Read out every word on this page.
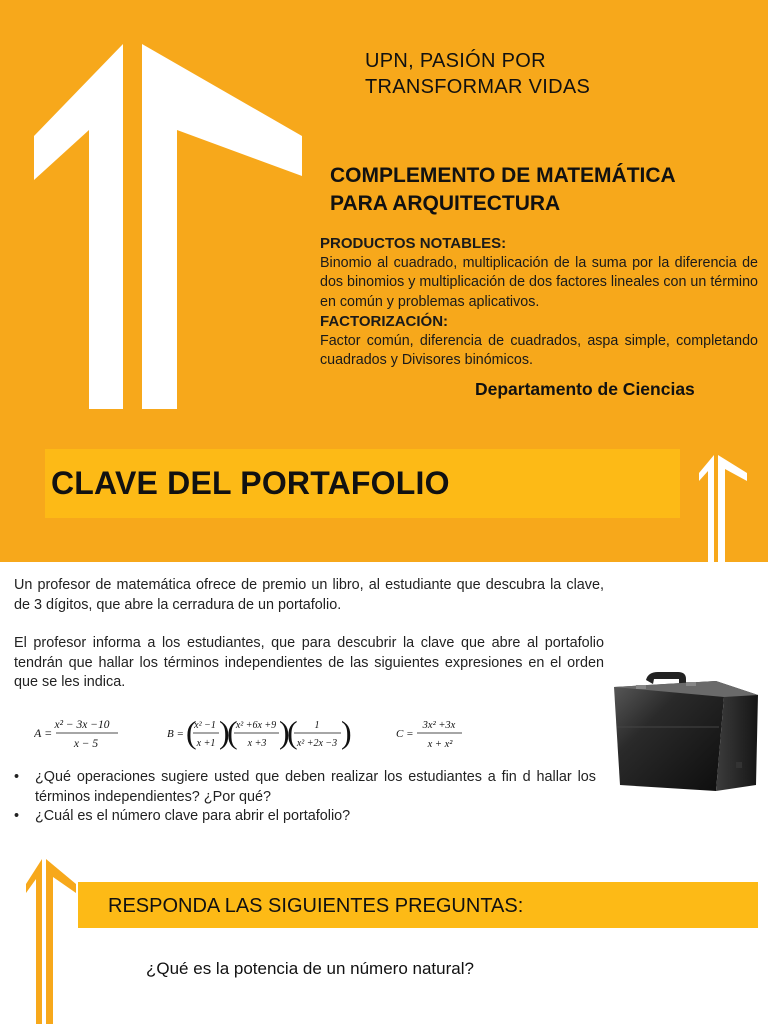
UPN, PASIÓN POR
TRANSFORMAR VIDAS
COMPLEMENTO DE MATEMÁTICA
PARA ARQUITECTURA
PRODUCTOS NOTABLES:
Binomio al cuadrado, multiplicación de la suma por la diferencia de dos binomios y multiplicación de dos factores lineales con un término en común y problemas aplicativos.
FACTORIZACIÓN:
Factor común, diferencia de cuadrados, aspa simple, completando cuadrados y Divisores binómicos.
Departamento de Ciencias
CLAVE DEL PORTAFOLIO

Un profesor de matemática ofrece de premio un libro, al estudiante que descubra la clave, de 3 dígitos, que abre la cerradura de un portafolio.

El profesor informa a los estudiantes, que para descubrir la clave que abre al portafolio tendrán que hallar los términos independientes de las siguientes expresiones en el orden que se les indica.

A =
x² − 3x −10
x − 5
B = (
x² −1
x +1 )
(
x² +6x +9
x +3 )
( 1
x² +2x −3 )	C =
3x² +3x
x + x²
• ¿Qué operaciones sugiere usted que deben realizar los estudiantes a fin d hallar los términos independientes? ¿Por qué?
• ¿Cuál es el número clave para abrir el portafolio?
RESPONDA LAS SIGUIENTES PREGUNTAS:
¿Qué es la potencia de un número natural?
